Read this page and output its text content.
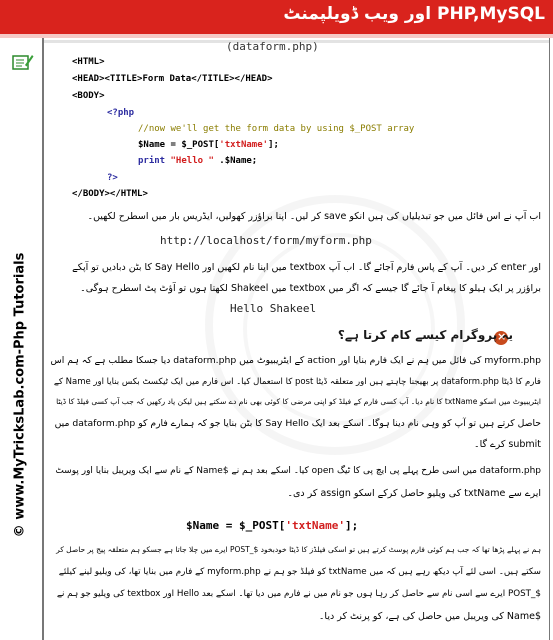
PHP,MySQL اور ویب ڈویلپمنٹ
© www.MyTricksLab.com-Php Tutorials
(dataform.php)
<HTML>
<HEAD><TITLE>Form Data</TITLE></HEAD>
<BODY>
<?php
//now we'll get the form data by using $_POST array
$Name = $_POST['txtName'];
print "Hello " .$Name;
?>
</BODY></HTML>
اب آپ نے اس فائل میں جو تبدیلیاں کی ہیں انکو save کر لیں۔ اپنا براؤزر کھولیں، ایڈریس بار میں اسطرح لکھیں۔
http://localhost/form/myform.php
اور enter کر دیں۔ آپ کے پاس فارم آجائے گا۔ اب آپ textbox میں اپنا نام لکھیں اور Say Hello کا بٹن دبادیں تو آپکے
براؤزر پر ایک ہیلو کا پیغام آ جائے گا جیسے کہ اگر میں textbox میں Shakeel لکھتا ہوں تو آؤٹ پٹ اسطرح ہوگی۔
Hello Shakeel
×
یہ پروگرام کیسے کام کرتا ہے؟
myform.php کی فائل میں ہم نے ایک فارم بنایا اور action کے ایٹریبیوٹ میں dataform.php دیا جسکا مطلب ہے کہ ہم اس
فارم کا ڈیٹا dataform.php پر بھیجنا چاہتے ہیں اور متعلقہ ڈیٹا post کا استعمال کیا۔ اس فارم میں ایک ٹیکسٹ بکس بنایا اور Name کے
ایٹریبیوٹ میں اسکو txtName کا نام دیا۔ آپ کسی فارم کے فیلڈ کو اپنی مرضی کا کوئی بھی نام دے سکتے ہیں لیکن یاد رکھیں کہ جب آپ کسی فیلڈ کا ڈیٹا
حاصل کرتے ہیں تو آپ کو وہی نام دینا ہوگا۔ اسکے بعد ایک Say Hello کا بٹن بنایا جو کہ ہمارے فارم کو dataform.php میں
submit کرے گا۔
dataform.php میں اسی طرح پہلے پی ایچ پی کا ٹیگ open کیا۔ اسکے بعد ہم نے $Name کے نام سے ایک ویریبل بنایا اور پوسٹ
ایرے سے txtName کی ویلیو حاصل کرکے اسکو assign کر دی۔
$Name = $_POST['txtName'];
ہم نے پہلے پڑھا تھا کہ جب ہم کوئی فارم پوسٹ کرتے ہیں تو اسکی فیلڈز کا ڈیٹا خودبخود $_POST ایرے میں چلا جاتا ہے جسکو ہم متعلقہ پیج پر حاصل کر
سکتے ہیں۔ اسی لئے آپ دیکھ رہے ہیں کہ میں txtName کو فیلڈ جو ہم نے myform.php کے فارم میں بنایا تھا، کی ویلیو لینے کیلئے
$_POST ایرے سے اسی نام سے حاصل کر رہا ہوں جو نام میں نے فارم میں دیا تھا۔ اسکے بعد Hello اور textbox کی ویلیو جو ہم نے
$Name کی ویریبل میں حاصل کی ہے، کو پرنٹ کر دیا۔
